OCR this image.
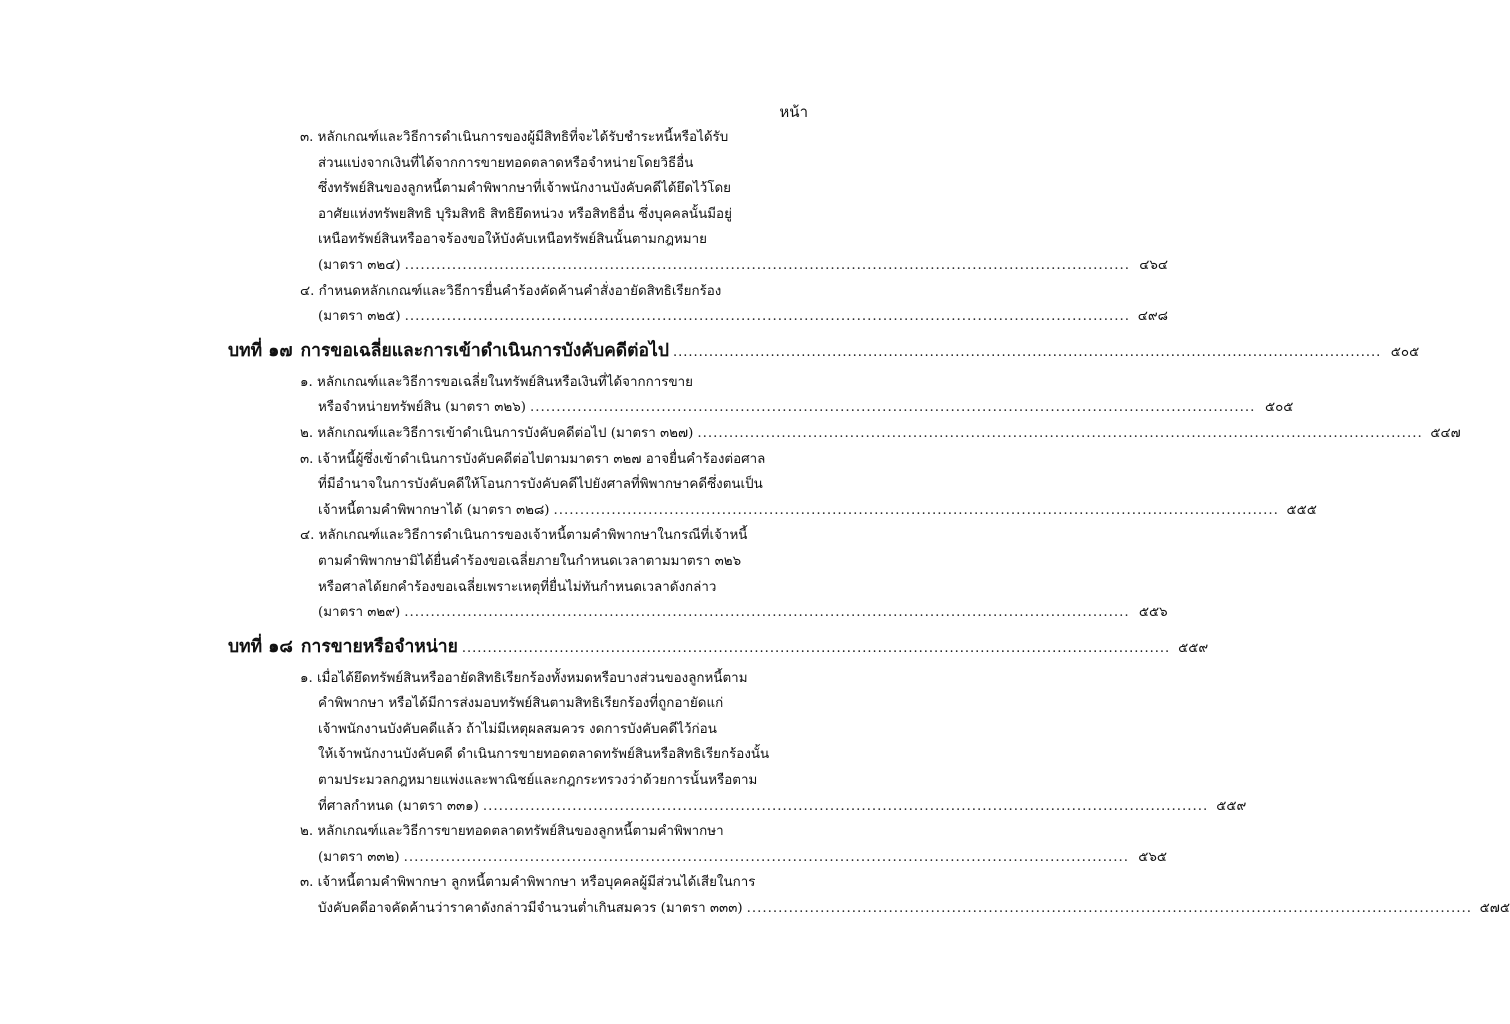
หน้า
๓. หลักเกณฑ์และวิธีการดำเนินการของผู้มีสิทธิที่จะได้รับชำระหนี้หรือได้รับ
ส่วนแบ่งจากเงินที่ได้จากการขายทอดตลาดหรือจำหน่ายโดยวิธีอื่น
ซึ่งทรัพย์สินของลูกหนี้ตามคำพิพากษาที่เจ้าพนักงานบังคับคดีได้ยึดไว้โดย
อาศัยแห่งทรัพยสิทธิ บุริมสิทธิ สิทธิยึดหน่วง หรือสิทธิอื่น ซึ่งบุคคลนั้นมีอยู่
เหนือทรัพย์สินหรืออาจร้องขอให้บังคับเหนือทรัพย์สินนั้นตามกฎหมาย
(มาตรา ๓๒๔) .......................................................................................................................................... ๔๖๔
๔. กำหนดหลักเกณฑ์และวิธีการยื่นคำร้องคัดค้านคำสั่งอายัดสิทธิเรียกร้อง
(มาตรา ๓๒๕) .......................................................................................................................................... ๔๙๘
บทที่ ๑๗ การขอเฉลี่ยและการเข้าดำเนินการบังคับคดีต่อไป .......................................................................................................................................... ๕๐๕
๑. หลักเกณฑ์และวิธีการขอเฉลี่ยในทรัพย์สินหรือเงินที่ได้จากการขาย
หรือจำหน่ายทรัพย์สิน (มาตรา ๓๒๖) .......................................................................................................................................... ๕๐๕
๒. หลักเกณฑ์และวิธีการเข้าดำเนินการบังคับคดีต่อไป (มาตรา ๓๒๗) .......................................................................................................................................... ๕๔๗
๓. เจ้าหนี้ผู้ซึ่งเข้าดำเนินการบังคับคดีต่อไปตามมาตรา ๓๒๗ อาจยื่นคำร้องต่อศาล
ที่มีอำนาจในการบังคับคดีให้โอนการบังคับคดีไปยังศาลที่พิพากษาคดีซึ่งตนเป็น
เจ้าหนี้ตามคำพิพากษาได้ (มาตรา ๓๒๘) .......................................................................................................................................... ๕๕๕
๔. หลักเกณฑ์และวิธีการดำเนินการของเจ้าหนี้ตามคำพิพากษาในกรณีที่เจ้าหนี้
ตามคำพิพากษามิได้ยื่นคำร้องขอเฉลี่ยภายในกำหนดเวลาตามมาตรา ๓๒๖
หรือศาลได้ยกคำร้องขอเฉลี่ยเพราะเหตุที่ยื่นไม่ทันกำหนดเวลาดังกล่าว
(มาตรา ๓๒๙) .......................................................................................................................................... ๕๕๖
บทที่ ๑๘ การขายหรือจำหน่าย .......................................................................................................................................... ๕๕๙
๑. เมื่อได้ยึดทรัพย์สินหรืออายัดสิทธิเรียกร้องทั้งหมดหรือบางส่วนของลูกหนี้ตาม
คำพิพากษา หรือได้มีการส่งมอบทรัพย์สินตามสิทธิเรียกร้องที่ถูกอายัดแก่
เจ้าพนักงานบังคับคดีแล้ว ถ้าไม่มีเหตุผลสมควร งดการบังคับคดีไว้ก่อน
ให้เจ้าพนักงานบังคับคดี ดำเนินการขายทอดตลาดทรัพย์สินหรือสิทธิเรียกร้องนั้น
ตามประมวลกฎหมายแพ่งและพาณิชย์และกฎกระทรวงว่าด้วยการนั้นหรือตาม
ที่ศาลกำหนด (มาตรา ๓๓๑) .......................................................................................................................................... ๕๕๙
๒. หลักเกณฑ์และวิธีการขายทอดตลาดทรัพย์สินของลูกหนี้ตามคำพิพากษา
(มาตรา ๓๓๒) .......................................................................................................................................... ๕๖๕
๓. เจ้าหนี้ตามคำพิพากษา ลูกหนี้ตามคำพิพากษา หรือบุคคลผู้มีส่วนได้เสียในการ
บังคับคดีอาจคัดค้านว่าราคาดังกล่าวมีจำนวนต่ำเกินสมควร (มาตรา ๓๓๓) .......................................................................................................................................... ๕๗๕
